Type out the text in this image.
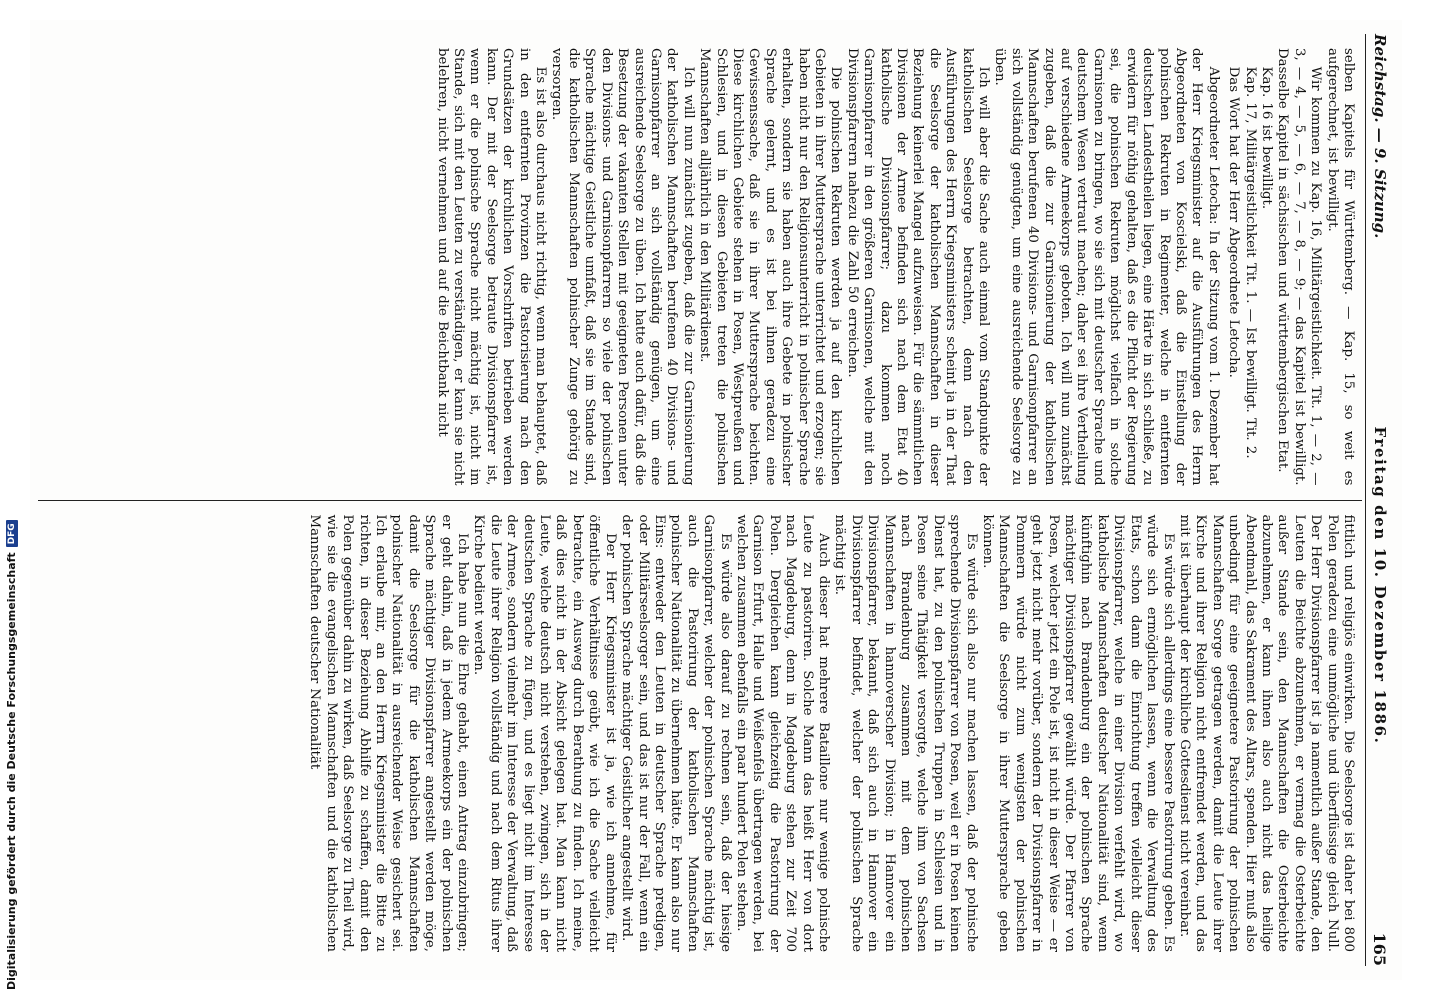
Reichstag. — 9. Sitzung.
Freitag den 10. Dezember 1886.
165

selben Kapitels für Württemberg. — Kap. 15, so weit es aufgerechnet, ist bewilligt.

Wir kommen zu Kap. 16, Militärgeistlichkeit. Tit. 1, — 2, — 3, — 4, — 5, — 6, — 7, — 8, — 9; — das Kapitel ist bewilligt. Dasselbe Kapitel in sächsischen und württembergischen Etat.

Kap. 16 ist bewilligt.

Kap. 17, Militärgeistlichkeit Tit. 1. — Ist bewilligt. Tit. 2.

Das Wort hat der Herr Abgeordnete Letocha.

Abgeordneter Letocha: In der Sitzung vom 1. Dezember hat der Herr Kriegsminister auf die Ausführungen des Herrn Abgeordneten von Koscielski, daß die Einstellung der polnischen Rekruten in Regimenter, welche in entfernten deutschen Landestheilen liegen, eine Härte in sich schließe, zu erwidern für nöthig gehalten, daß es die Pflicht der Regierung sei, die polnischen Rekruten möglichst vielfach in solche Garnisonen zu bringen, wo sie sich mit deutscher Sprache und deutschem Wesen vertraut machen; daher sei ihre Vertheilung auf verschiedene Armeekorps geboten. Ich will nun zunächst zugeben, daß die zur Garnisonierung der katholischen Mannschaften berufenen 40 Divisions- und Garnisonpfarrer an sich vollständig genügten, um eine ausreichende Seelsorge zu üben.

Ich will aber die Sache auch einmal vom Standpunkte der katholischen Seelsorge betrachten, denn nach den Ausführungen des Herrn Kriegsministers scheint ja in der That die Seelsorge der katholischen Mannschaften in dieser Beziehung keinerlei Mangel aufzuweisen. Für die sämmtlichen Divisionen der Armee befinden sich nach dem Etat 40 katholische Divisionspfarrer; dazu kommen noch Garnisonpfarrer in den größeren Garnisonen, welche mit den Divisionspfarrern nahezu die Zahl 50 erreichen.

Die polnischen Rekruten werden ja auf den kirchlichen Gebieten in ihrer Muttersprache unterrichtet und erzogen; sie haben nicht nur den Religionsunterricht in polnischer Sprache erhalten, sondern sie haben auch ihre Gebete in polnischer Sprache gelernt, und es ist bei ihnen geradezu eine Gewissenssache, daß sie in ihrer Muttersprache beichten. Diese kirchlichen Gebiete stehen in Posen, Westpreußen und Schlesien, und in diesen Gebieten treten die polnischen Mannschaften alljährlich in den Militärdienst.

Ich will nun zunächst zugeben, daß die zur Garnisonierung der katholischen Mannschaften berufenen 40 Divisions- und Garnisonpfarrer an sich vollständig genügen, um eine ausreichende Seelsorge zu üben. Ich hatte auch dafür, daß die Besetzung der vakanten Stellen mit geeigneten Personen unter den Divisions- und Garnisonpfarrern so viele der polnischen Sprache mächtige Geistliche umfaßt, daß sie im Stande sind, die katholischen Mannschaften polnischer Zunge gehörig zu versorgen.

Es ist also durchaus nicht richtig, wenn man behauptet, daß in den entfernten Provinzen die Pastorisierung nach den Grundsätzen der kirchlichen Vorschriften betrieben werden kann. Der mit der Seelsorge betraute Divisionspfarrer ist, wenn er die polnische Sprache nicht mächtig ist, nicht im Stande, sich mit den Leuten zu verständigen, er kann sie nicht belehren, nicht vernehmen und auf die Beichtbank nicht

fittlich und religiös einwirken. Die Seelsorge ist daher bei 800 Polen geradezu eine unmögliche und überflüssige gleich Null. Der Herr Divisionspfarrer ist ja namentlich außer Stande, den Leuten die Beichte abzunehmen, er vermag die Osterbeichte außer Stande sein, den Mannschaften die Osterbeichte abzunehmen, er kann ihnen also auch nicht das heilige Abendmahl, das Sakrament des Altars, spenden. Hier muß also unbedingt für eine geeignetere Pastorirung der polnischen Mannschaften Sorge getragen werden, damit die Leute ihrer Kirche und ihrer Religion nicht entfremdet werden, und das mit ist überhaupt der kirchliche Gottesdienst nicht vereinbar.

Es würde sich allerdings eine bessere Pastorirung geben. Es würde sich ermöglichen lassen, wenn die Verwaltung des Etats, schon dann die Einrichtung treffen vielleicht dieser Divisionspfarrer, welche in einer Division verfehlt wird, wo katholische Mannschaften deutscher Nationalität sind, wenn künftighin nach Brandenburg ein der polnischen Sprache mächtiger Divisionspfarrer gewählt würde. Der Pfarrer von Posen, welcher jetzt ein Pole ist, ist nicht in dieser Weise — er geht jetzt nicht mehr vorüber, sondern der Divisionspfarrer in Pommern würde nicht zum wenigsten der polnischen Mannschaften die Seelsorge in ihrer Muttersprache geben können.

Es würde sich also nur machen lassen, daß der polnische sprechende Divisionspfarrer von Posen, weil er in Posen keinen Dienst hat, zu den polnischen Truppen in Schlesien und in Posen seine Thätigkeit versorgte, welche ihm von Sachsen nach Brandenburg zusammen mit dem polnischen Mannschaften in hannoverscher Division; in Hannover ein Divisionspfarrer, bekannt, daß sich auch in Hannover ein Divisionspfarrer befindet, welcher der polnischen Sprache mächtig ist.

Auch dieser hat mehrere Bataillone nur wenige polnische Leute zu pastoriren. Solche Mann das heißt Herr von dort nach Magdeburg, denn in Magdeburg stehen zur Zeit 700 Polen. Dergleichen kann gleichzeitig die Pastorirung der Garnison Erfurt, Halle und Weißenfels übertragen werden, bei welchen zusammen ebenfalls ein paar hundert Polen stehen.

Es würde also darauf zu rechnen sein, daß der hiesige Garnisonpfarrer, welcher der polnischen Sprache mächtig ist, auch die Pastorirung der katholischen Mannschaften polnischer Nationalität zu übernehmen hätte. Er kann also nur Eins: entweder den Leuten in deutscher Sprache predigen, oder Militärseelsorger sein, und das ist nur der Fall, wenn ein der polnischen Sprache mächtiger Geistlicher angestellt wird.

Der Herr Kriegsminister ist ja, wie ich annehme, für öffentliche Verhältnisse geübt, wie ich die Sache vielleicht betrachte, ein Ausweg durch Berathung zu finden. Ich meine, daß dies nicht in der Absicht gelegen hat. Man kann nicht Leute, welche deutsch nicht verstehen, zwingen, sich in der deutschen Sprache zu fügen, und es liegt nicht im Interesse der Armee, sondern vielmehr im Interesse der Verwaltung, daß die Leute ihrer Religion vollständig und nach dem Ritus ihrer Kirche bedient werden.

Ich habe nun die Ehre gehabt, einen Antrag einzubringen; er geht dahin, daß in jedem Armeekorps ein der polnischen Sprache mächtiger Divisionspfarrer angestellt werden möge, damit die Seelsorge für die katholischen Mannschaften polnischer Nationalität in ausreichender Weise gesichert sei. Ich erlaube mir, an den Herrn Kriegsminister die Bitte zu richten, in dieser Beziehung Abhilfe zu schaffen, damit den Polen gegenüber dahin zu wirken, daß Seelsorge zu Theil wird, wie sie die evangelischen Mannschaften und die katholischen Mannschaften deutscher Nationalität

Digitalisierung gefördert durch die Deutsche Forschungsgemeinschaft
DFG
